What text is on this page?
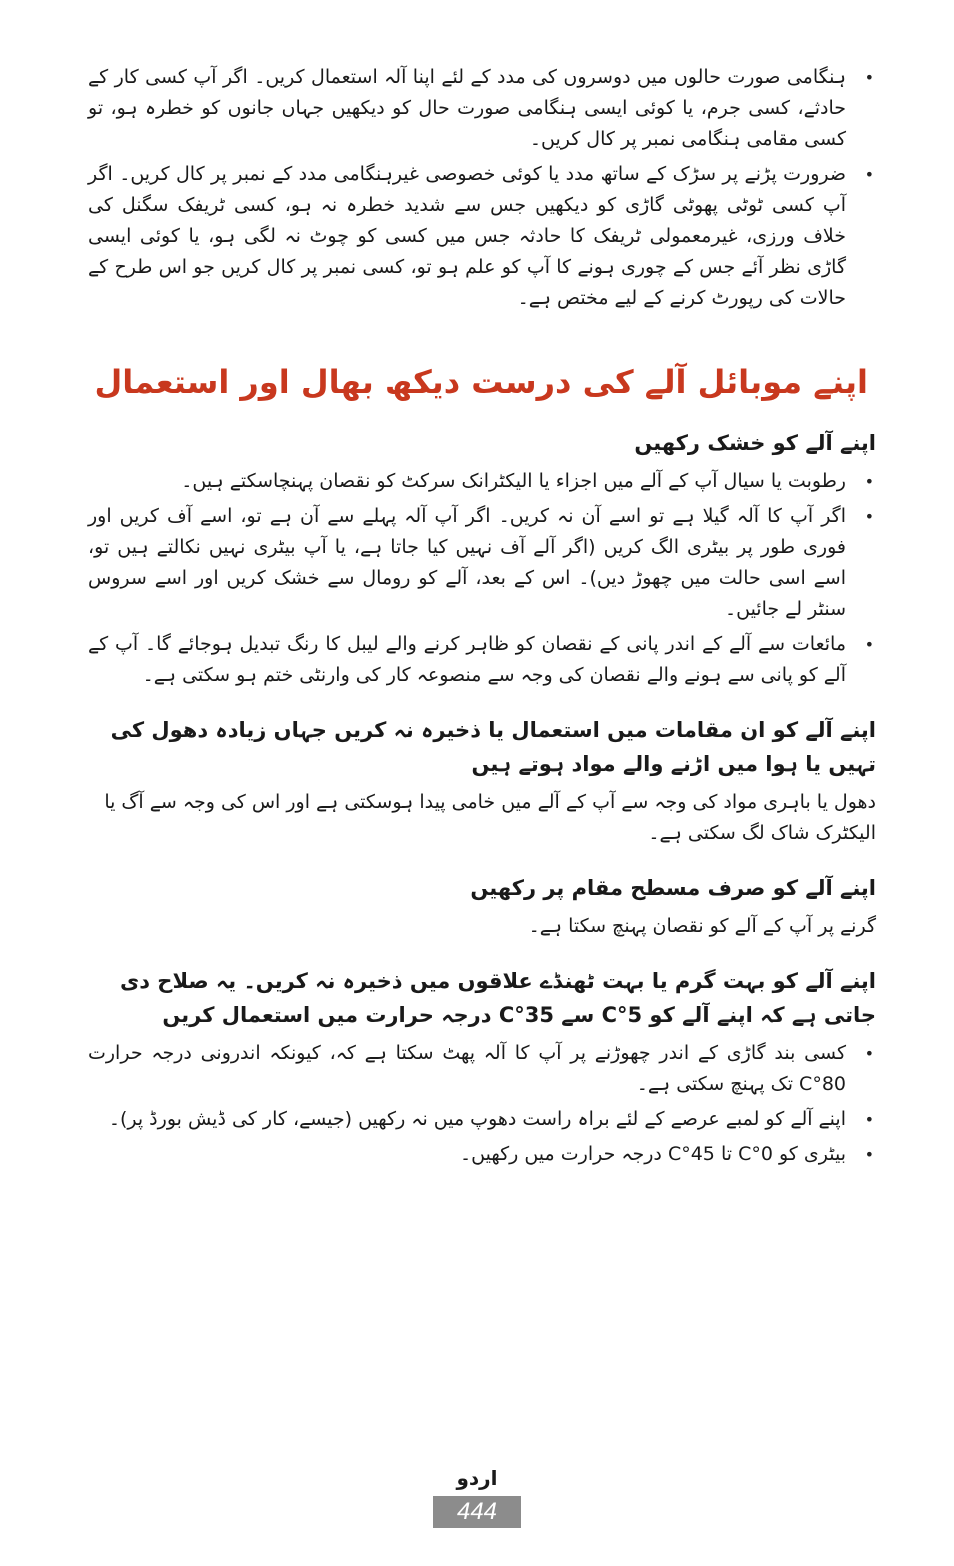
•
ہنگامی صورت حالوں میں دوسروں کی مدد کے لئے اپنا آلہ استعمال کریں۔ اگر آپ کسی کار کے حادثے، کسی جرم، یا کوئی ایسی ہنگامی صورت حال کو دیکھیں جہاں جانوں کو خطرہ ہو، تو کسی مقامی ہنگامی نمبر پر کال کریں۔
•
ضرورت پڑنے پر سڑک کے ساتھ مدد یا کوئی خصوصی غیرہنگامی مدد کے نمبر پر کال کریں۔ اگر آپ کسی ٹوٹی پھوٹی گاڑی کو دیکھیں جس سے شدید خطرہ نہ ہو، کسی ٹریفک سگنل کی خلاف ورزی، غیرمعمولی ٹریفک کا حادثہ جس میں کسی کو چوٹ نہ لگی ہو، یا کوئی ایسی گاڑی نظر آئے جس کے چوری ہونے کا آپ کو علم ہو تو، کسی نمبر پر کال کریں جو اس طرح کے حالات کی رپورٹ کرنے کے لیے مختص ہے۔
اپنے موبائل آلے کی درست دیکھ بھال اور استعمال
اپنے آلے کو خشک رکھیں
•
رطوبت یا سیال آپ کے آلے میں اجزاء یا الیکٹرانک سرکٹ کو نقصان پہنچاسکتے ہیں۔
•
اگر آپ کا آلہ گیلا ہے تو اسے آن نہ کریں۔ اگر آپ آلہ پہلے سے آن ہے تو، اسے آف کریں اور فوری طور پر بیٹری الگ کریں (اگر آلے آف نہیں کیا جاتا ہے، یا آپ بیٹری نہیں نکالتے ہیں تو، اسے اسی حالت میں چھوڑ دیں)۔ اس کے بعد، آلے کو رومال سے خشک کریں اور اسے سروس سنٹر لے جائیں۔
•
مائعات سے آلے کے اندر پانی کے نقصان کو ظاہر کرنے والے لیبل کا رنگ تبدیل ہوجائے گا۔ آپ کے آلے کو پانی سے ہونے والے نقصان کی وجہ سے منصوعہ کار کی وارنٹی ختم ہو سکتی ہے۔
اپنے آلے کو ان مقامات میں استعمال یا ذخیرہ نہ کریں جہاں زیادہ دھول کی تہیں یا ہوا میں اڑنے والے مواد ہوتے ہیں

دھول یا باہری مواد کی وجہ سے آپ کے آلے میں خامی پیدا ہوسکتی ہے اور اس کی وجہ سے آگ یا الیکٹرک شاک لگ سکتی ہے۔

اپنے آلے کو صرف مسطح مقام پر رکھیں

گرنے پر آپ کے آلے کو نقصان پہنچ سکتا ہے۔

اپنے آلے کو بہت گرم یا بہت ٹھنڈے علاقوں میں ذخیرہ نہ کریں۔ یہ صلاح دی جاتی ہے کہ اپنے آلے کو 5°C سے 35°C درجہ حرارت میں استعمال کریں
•
کسی بند گاڑی کے اندر چھوڑنے پر آپ کا آلہ پھٹ سکتا ہے کہ، کیونکہ اندرونی درجہ حرارت 80°C تک پہنچ سکتی ہے۔
•
اپنے آلے کو لمبے عرصے کے لئے براہ راست دھوپ میں نہ رکھیں (جیسے، کار کی ڈیش بورڈ پر)۔
•
بیٹری کو 0°C تا 45°C درجہ حرارت میں رکھیں۔
اردو
444
